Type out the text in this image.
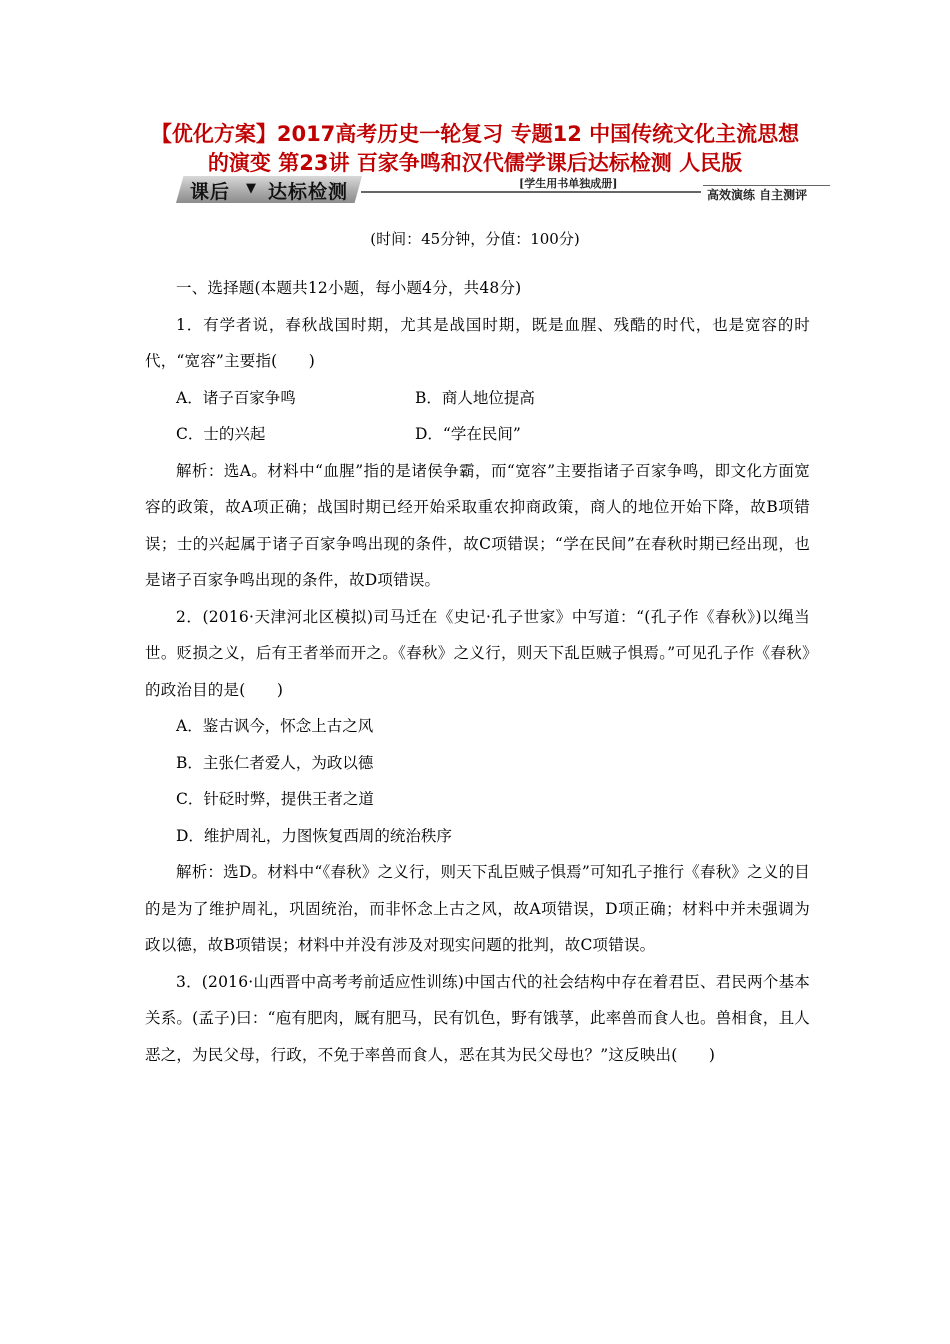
【优化方案】2017高考历史一轮复习 专题12 中国传统文化主流思想的演变 第23讲 百家争鸣和汉代儒学课后达标检测 人民版
课后 ▼ 达标检测	[学生用书单独成册]
高效演练 自主测评
(时间：45分钟，分值：100分)

一、选择题(本题共12小题，每小题4分，共48分)

1．有学者说，春秋战国时期，尤其是战国时期，既是血腥、残酷的时代，也是宽容的时代，“宽容”主要指(　　)

A．诸子百家争鸣	B．商人地位提高
C．士的兴起	D．“学在民间”

解析：选A。材料中“血腥”指的是诸侯争霸，而“宽容”主要指诸子百家争鸣，即文化方面宽容的政策，故A项正确；战国时期已经开始采取重农抑商政策，商人的地位开始下降，故B项错误；士的兴起属于诸子百家争鸣出现的条件，故C项错误；“学在民间”在春秋时期已经出现，也是诸子百家争鸣出现的条件，故D项错误。

2．(2016·天津河北区模拟)司马迁在《史记·孔子世家》中写道：“(孔子作《春秋》)以绳当世。贬损之义，后有王者举而开之。《春秋》之义行，则天下乱臣贼子惧焉。”可见孔子作《春秋》的政治目的是(　　)

A．鉴古讽今，怀念上古之风

B．主张仁者爱人，为政以德

C．针砭时弊，提供王者之道

D．维护周礼，力图恢复西周的统治秩序

解析：选D。材料中“《春秋》之义行，则天下乱臣贼子惧焉”可知孔子推行《春秋》之义的目的是为了维护周礼，巩固统治，而非怀念上古之风，故A项错误，D项正确；材料中并未强调为政以德，故B项错误；材料中并没有涉及对现实问题的批判，故C项错误。

3．(2016·山西晋中高考考前适应性训练)中国古代的社会结构中存在着君臣、君民两个基本关系。(孟子)曰：“庖有肥肉，厩有肥马，民有饥色，野有饿莩，此率兽而食人也。兽相食，且人恶之，为民父母，行政，不免于率兽而食人，恶在其为民父母也？”这反映出(　　)
